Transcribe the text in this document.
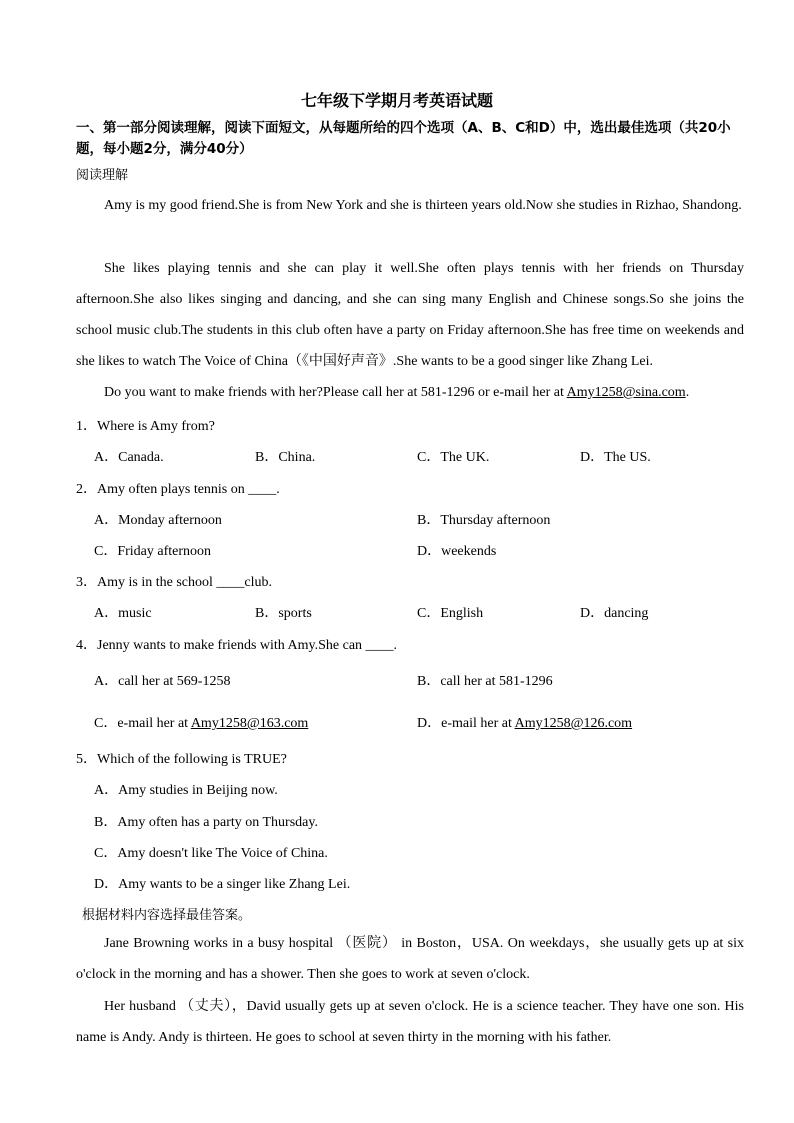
七年级下学期月考英语试题
一、第一部分阅读理解，阅读下面短文，从每题所给的四个选项（A、B、C和D）中，选出最佳选项（共20小题，每小题2分，满分40分）
阅读理解
Amy is my good friend.She is from New York and she is thirteen years old.Now she studies in Rizhao, Shandong.
She likes playing tennis and she can play it well.She often plays tennis with her friends on Thursday afternoon.She also likes singing and dancing, and she can sing many English and Chinese songs.So she joins the school music club.The students in this club often have a party on Friday afternoon.She has free time on weekends and she likes to watch The Voice of China（《中国好声音》.She wants to be a good singer like Zhang Lei.
Do you want to make friends with her?Please call her at 581-1296 or e-mail her at Amy1258@sina.com.
1．Where is Amy from?
A．Canada.	B．China.	C．The UK.	D．The US.
2．Amy often plays tennis on ____.
A．Monday afternoon	B．Thursday afternoon
C．Friday afternoon	D．weekends
3．Amy is in the school ____club.
A．music	B．sports	C．English	D．dancing
4．Jenny wants to make friends with Amy.She can ____.
A．call her at 569-1258	B．call her at 581-1296
C．e-mail her at Amy1258@163.com	D．e-mail her at Amy1258@126.com
5．Which of the following is TRUE?
A．Amy studies in Beijing now.
B．Amy often has a party on Thursday.
C．Amy doesn't like The Voice of China.
D．Amy wants to be a singer like Zhang Lei.
根据材料内容选择最佳答案。
Jane Browning works in a busy hospital （医院） in Boston，USA. On weekdays，she usually gets up at six o'clock in the morning and has a shower. Then she goes to work at seven o'clock.
Her husband （丈夫），David usually gets up at seven o'clock. He is a science teacher. They have one son. His name is Andy. Andy is thirteen. He goes to school at seven thirty in the morning with his father.
